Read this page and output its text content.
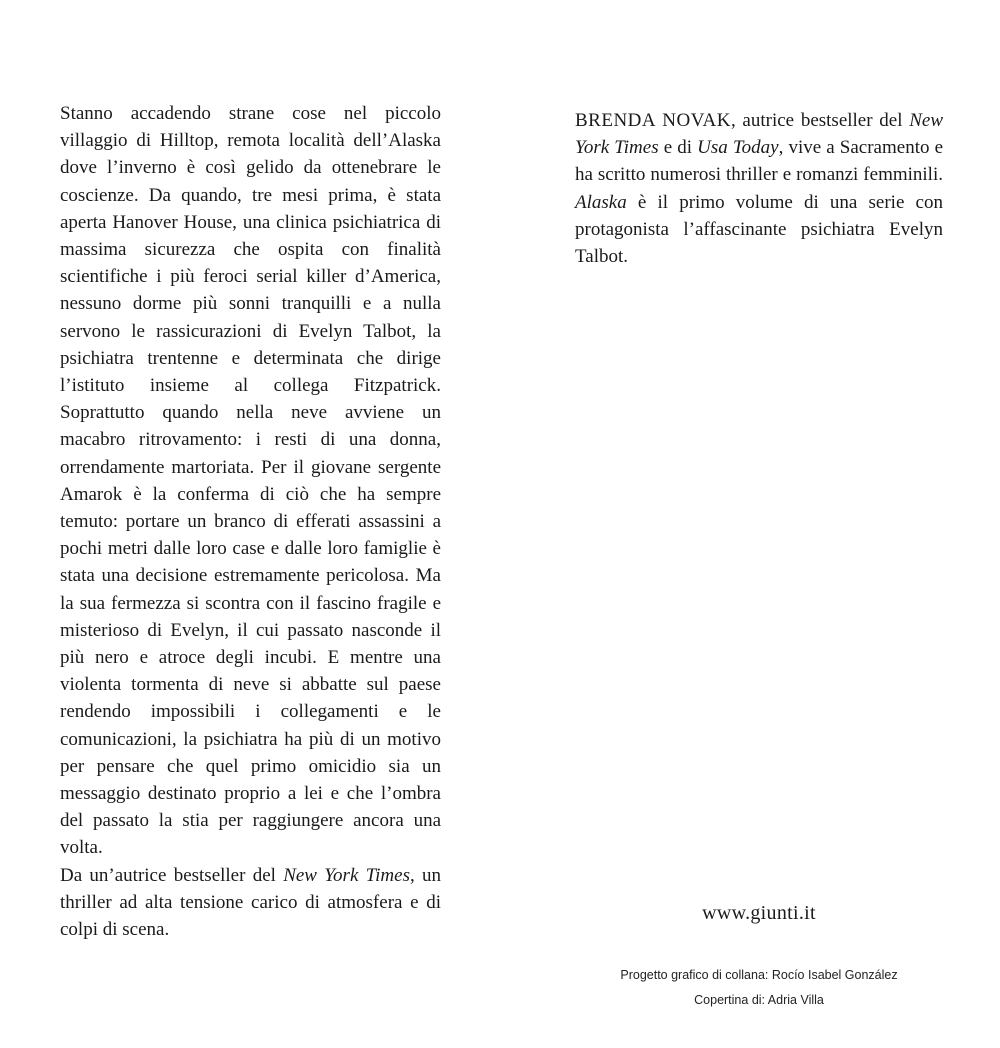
Stanno accadendo strane cose nel piccolo villaggio di Hilltop, remota località dell’Alaska dove l’inverno è così gelido da ottenebrare le coscienze. Da quando, tre mesi prima, è stata aperta Hanover House, una clinica psichiatrica di massima sicurezza che ospita con finalità scientifiche i più feroci serial killer d’America, nessuno dorme più sonni tranquilli e a nulla servono le rassicurazioni di Evelyn Talbot, la psichiatra trentenne e determinata che dirige l’istituto insieme al collega Fitzpatrick. Soprattutto quando nella neve avviene un macabro ritrovamento: i resti di una donna, orrendamente martoriata. Per il giovane sergente Amarok è la conferma di ciò che ha sempre temuto: portare un branco di efferati assassini a pochi metri dalle loro case e dalle loro famiglie è stata una decisione estremamente pericolosa. Ma la sua fermezza si scontra con il fascino fragile e misterioso di Evelyn, il cui passato nasconde il più nero e atroce degli incubi. E mentre una violenta tormenta di neve si abbatte sul paese rendendo impossibili i collegamenti e le comunicazioni, la psichiatra ha più di un motivo per pensare che quel primo omicidio sia un messaggio destinato proprio a lei e che l’ombra del passato la stia per raggiungere ancora una volta.

Da un’autrice bestseller del New York Times, un thriller ad alta tensione carico di atmosfera e di colpi di scena.

BRENDA NOVAK, autrice bestseller del New York Times e di Usa Today, vive a Sacramento e ha scritto numerosi thriller e romanzi femminili. Alaska è il primo volume di una serie con protagonista l’affascinante psichiatra Evelyn Talbot.

www.giunti.it
Progetto grafico di collana: Rocío Isabel González
Copertina di: Adria Villa
